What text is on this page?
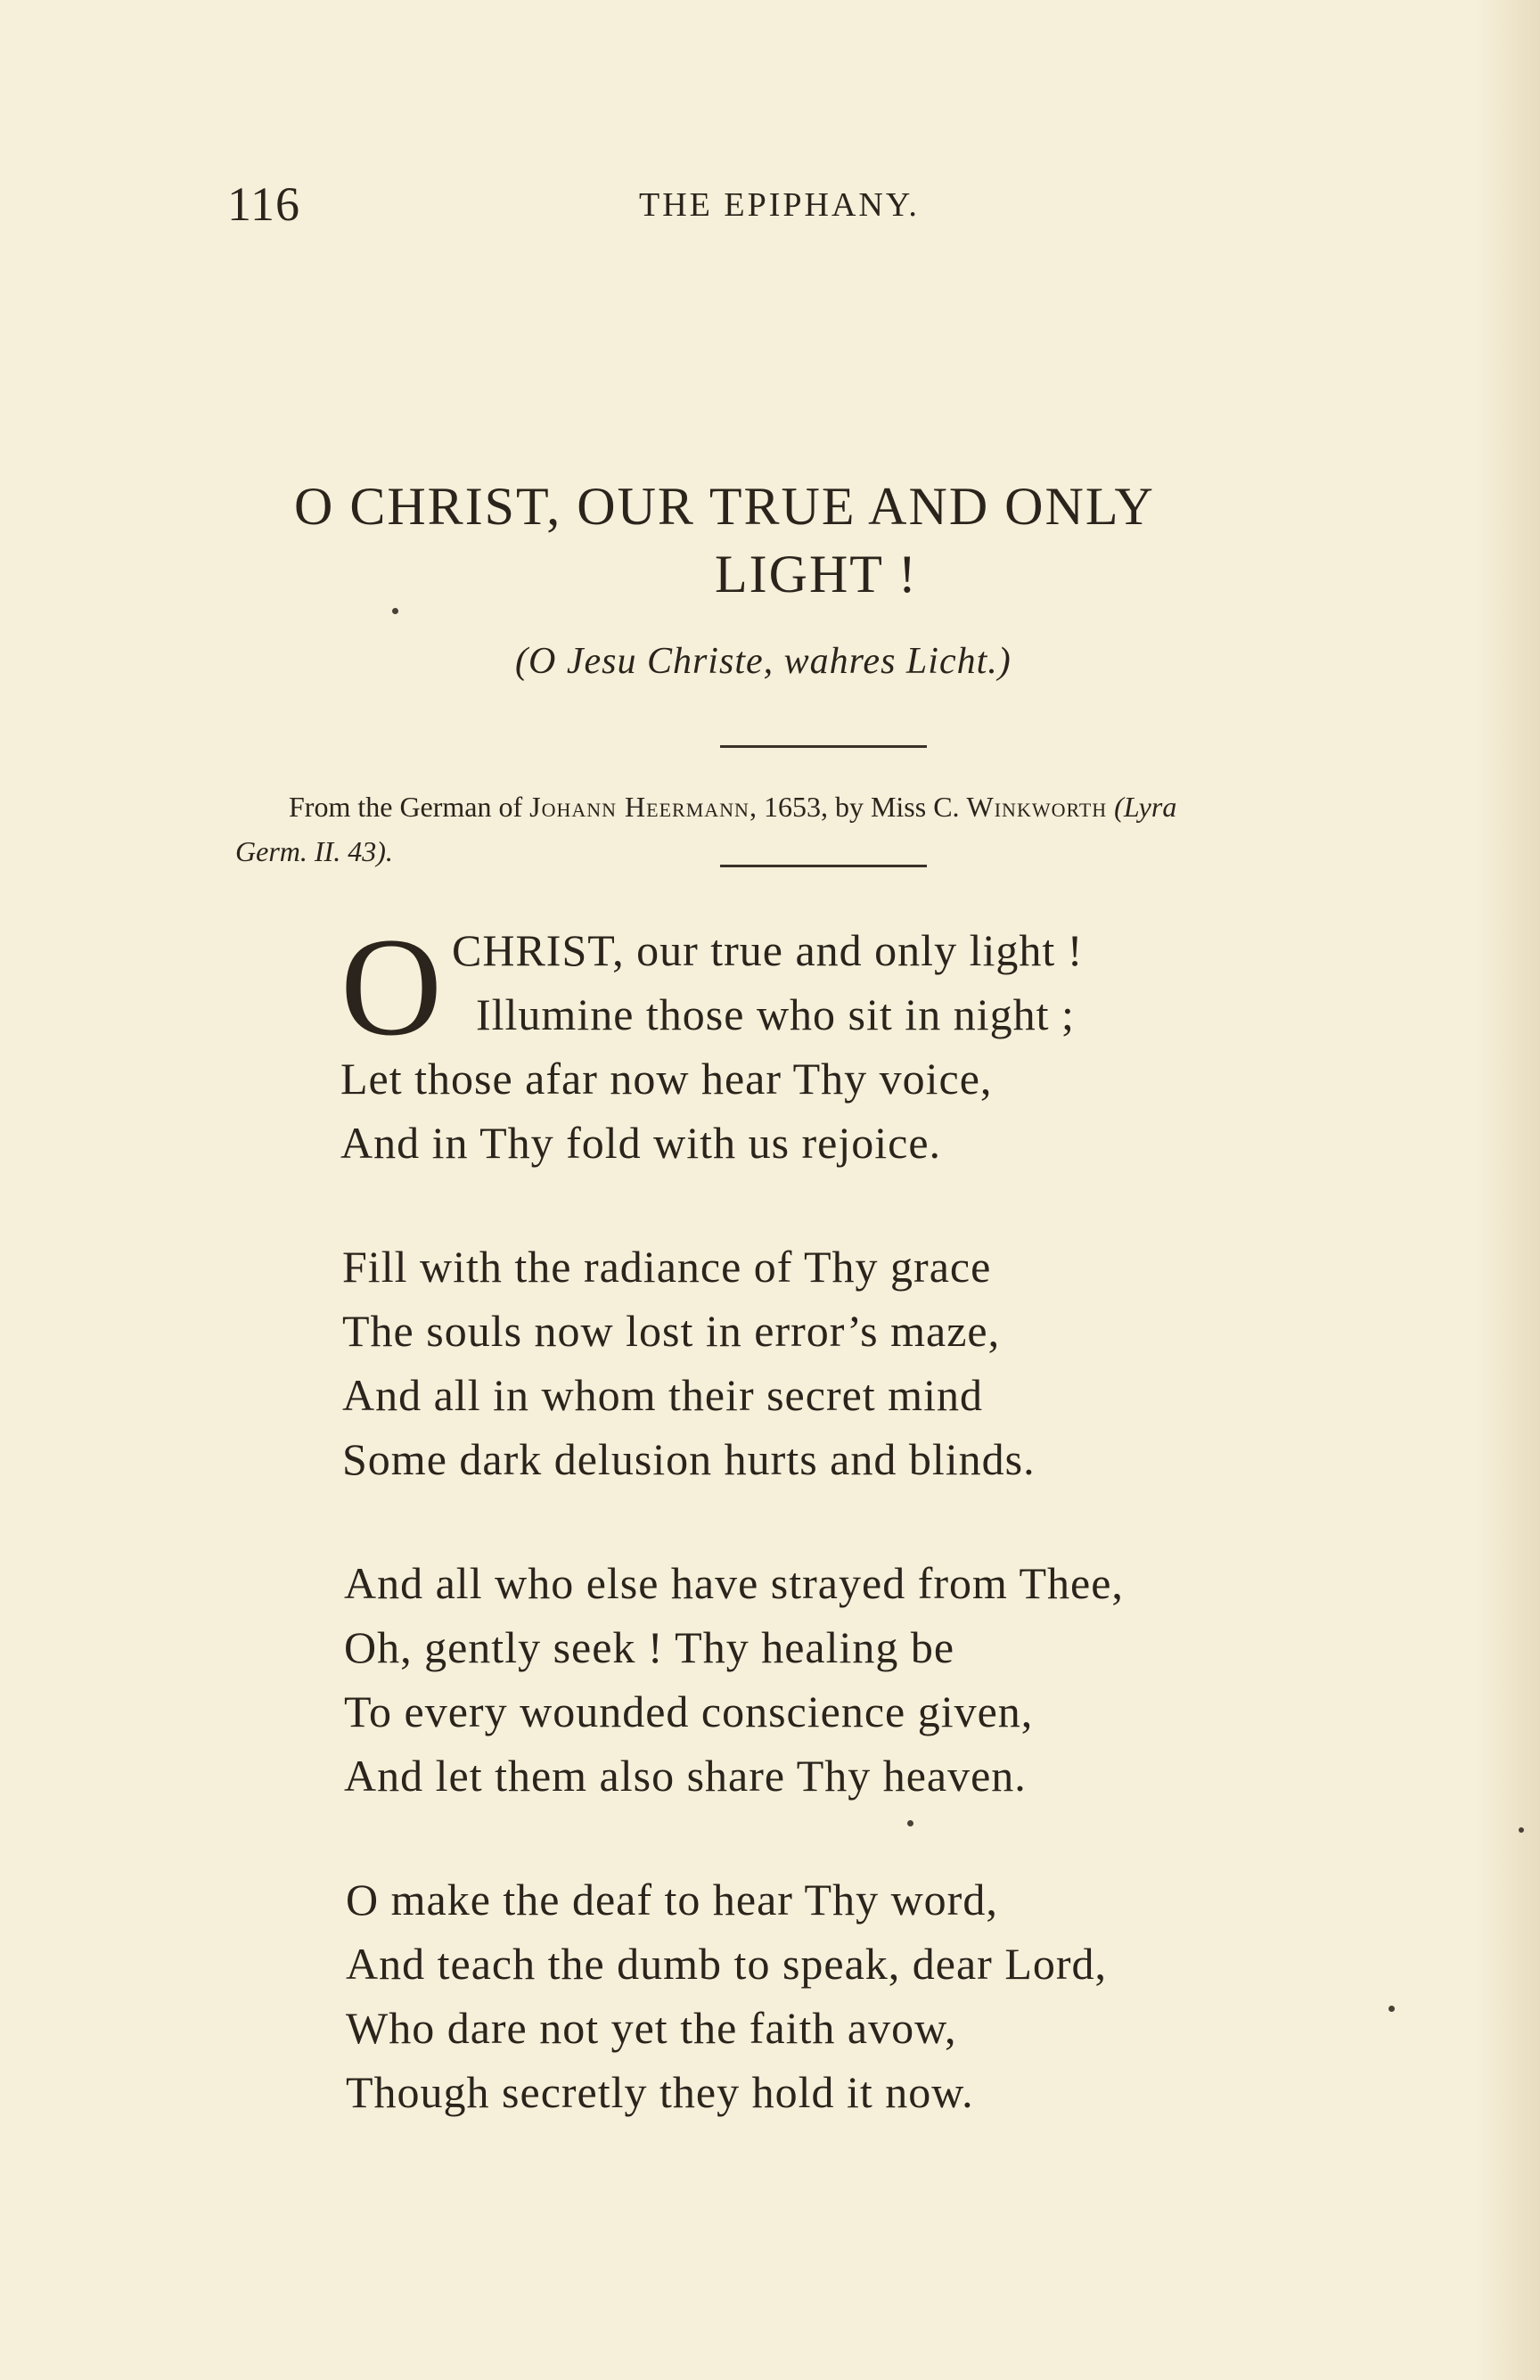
116	THE EPIPHANY.
O CHRIST, OUR TRUE AND ONLY
LIGHT !
(O Jesu Christe, wahres Licht.)
From the German of Johann Heermann, 1653, by Miss C. Winkworth (Lyra
Germ. II. 43).
O CHRIST, our true and only light !
Illumine those who sit in night ;
Let those afar now hear Thy voice,
And in Thy fold with us rejoice.
Fill with the radiance of Thy grace
The souls now lost in error’s maze,
And all in whom their secret mind
Some dark delusion hurts and blinds.
And all who else have strayed from Thee,
Oh, gently seek ! Thy healing be
To every wounded conscience given,
And let them also share Thy heaven.
O make the deaf to hear Thy word,
And teach the dumb to speak, dear Lord,
Who dare not yet the faith avow,
Though secretly they hold it now.
